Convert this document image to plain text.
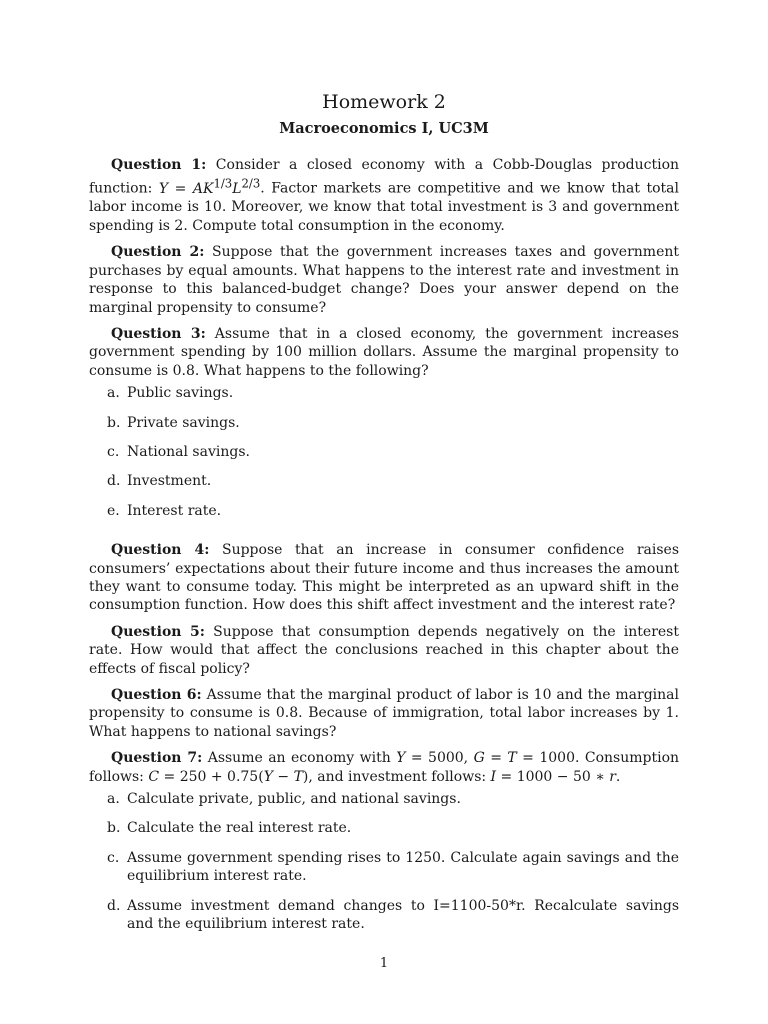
Homework 2
Macroeconomics I, UC3M

Question 1: Consider a closed economy with a Cobb-Douglas production function: $Y = AK^{1/3}L^{2/3}$. Factor markets are competitive and we know that total labor income is 10. Moreover, we know that total investment is 3 and government spending is 2. Compute total consumption in the economy.

Question 2: Suppose that the government increases taxes and government purchases by equal amounts. What happens to the interest rate and investment in response to this balanced-budget change? Does your answer depend on the marginal propensity to consume?

Question 3: Assume that in a closed economy, the government increases government spending by 100 million dollars. Assume the marginal propensity to consume is 0.8. What happens to the following?
a. Public savings.
b. Private savings.
c. National savings.
d. Investment.
e. Interest rate.

Question 4: Suppose that an increase in consumer confidence raises consumers’ expectations about their future income and thus increases the amount they want to consume today. This might be interpreted as an upward shift in the consumption function. How does this shift affect investment and the interest rate?

Question 5: Suppose that consumption depends negatively on the interest rate. How would that affect the conclusions reached in this chapter about the effects of fiscal policy?

Question 6: Assume that the marginal product of labor is 10 and the marginal propensity to consume is 0.8. Because of immigration, total labor increases by 1. What happens to national savings?

Question 7: Assume an economy with Y = 5000, G = T = 1000. Consumption follows: C = 250 + 0.75(Y − T), and investment follows: I = 1000 − 50 ∗ r.
a. Calculate private, public, and national savings.
b. Calculate the real interest rate.
c. Assume government spending rises to 1250. Calculate again savings and the equilibrium interest rate.
d. Assume investment demand changes to I=1100-50*r. Recalculate savings and the equilibrium interest rate.
1
